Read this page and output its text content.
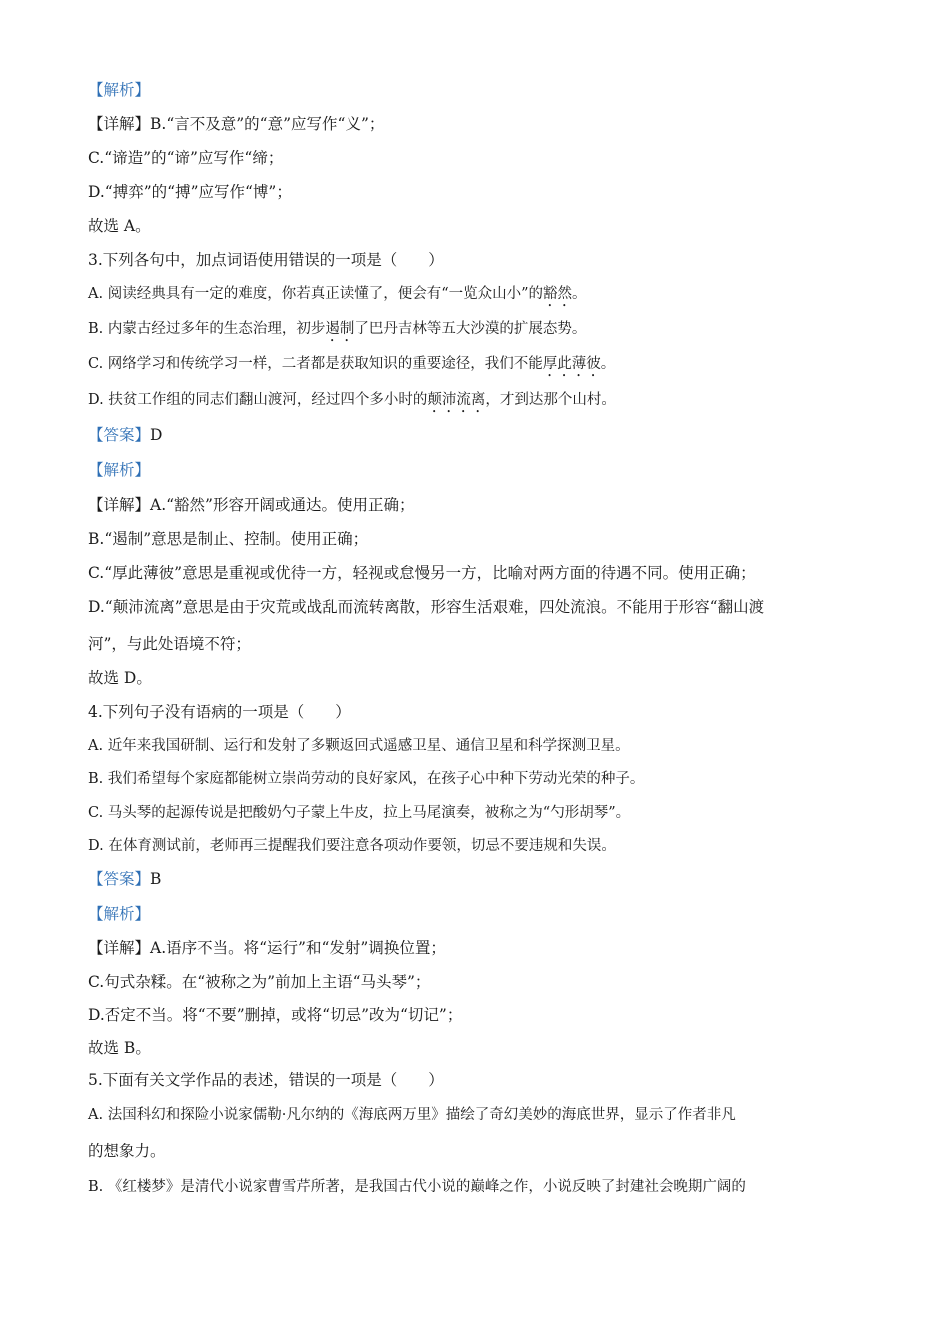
【解析】
【详解】B.“言不及意”的“意”应写作“义”；
C.“谛造”的“谛”应写作“缔；
D.“搏弈”的“搏”应写作“博”；
故选 A。
3.下列各句中，加点词语使用错误的一项是（　　）
A. 阅读经典具有一定的难度，你若真正读懂了，便会有“一览众山小”的豁然。
B. 内蒙古经过多年的生态治理，初步遏制了巴丹吉林等五大沙漠的扩展态势。
C. 网络学习和传统学习一样，二者都是获取知识的重要途径，我们不能厚此薄彼。
D. 扶贫工作组的同志们翻山渡河，经过四个多小时的颠沛流离，才到达那个山村。
【答案】D
【解析】
【详解】A.“豁然”形容开阔或通达。使用正确；
B.“遏制”意思是制止、控制。使用正确；
C.“厚此薄彼”意思是重视或优待一方，轻视或怠慢另一方，比喻对两方面的待遇不同。使用正确；
D.“颠沛流离”意思是由于灾荒或战乱而流转离散，形容生活艰难，四处流浪。不能用于形容“翻山渡
河”，与此处语境不符；
故选 D。
4.下列句子没有语病的一项是（　　）
A. 近年来我国研制、运行和发射了多颗返回式遥感卫星、通信卫星和科学探测卫星。
B. 我们希望每个家庭都能树立崇尚劳动的良好家风，在孩子心中种下劳动光荣的种子。
C. 马头琴的起源传说是把酸奶勺子蒙上牛皮，拉上马尾演奏，被称之为“勺形胡琴”。
D. 在体育测试前，老师再三提醒我们要注意各项动作要领，切忌不要违规和失误。
【答案】B
【解析】
【详解】A.语序不当。将“运行”和“发射”调换位置；
C.句式杂糅。在“被称之为”前加上主语“马头琴”；
D.否定不当。将“不要”删掉，或将“切忌”改为“切记”；
故选 B。
5.下面有关文学作品的表述，错误的一项是（　　）
A. 法国科幻和探险小说家儒勒·凡尔纳的《海底两万里》描绘了奇幻美妙的海底世界，显示了作者非凡
的想象力。
B. 《红楼梦》是清代小说家曹雪芹所著，是我国古代小说的巅峰之作，小说反映了封建社会晚期广阔的
